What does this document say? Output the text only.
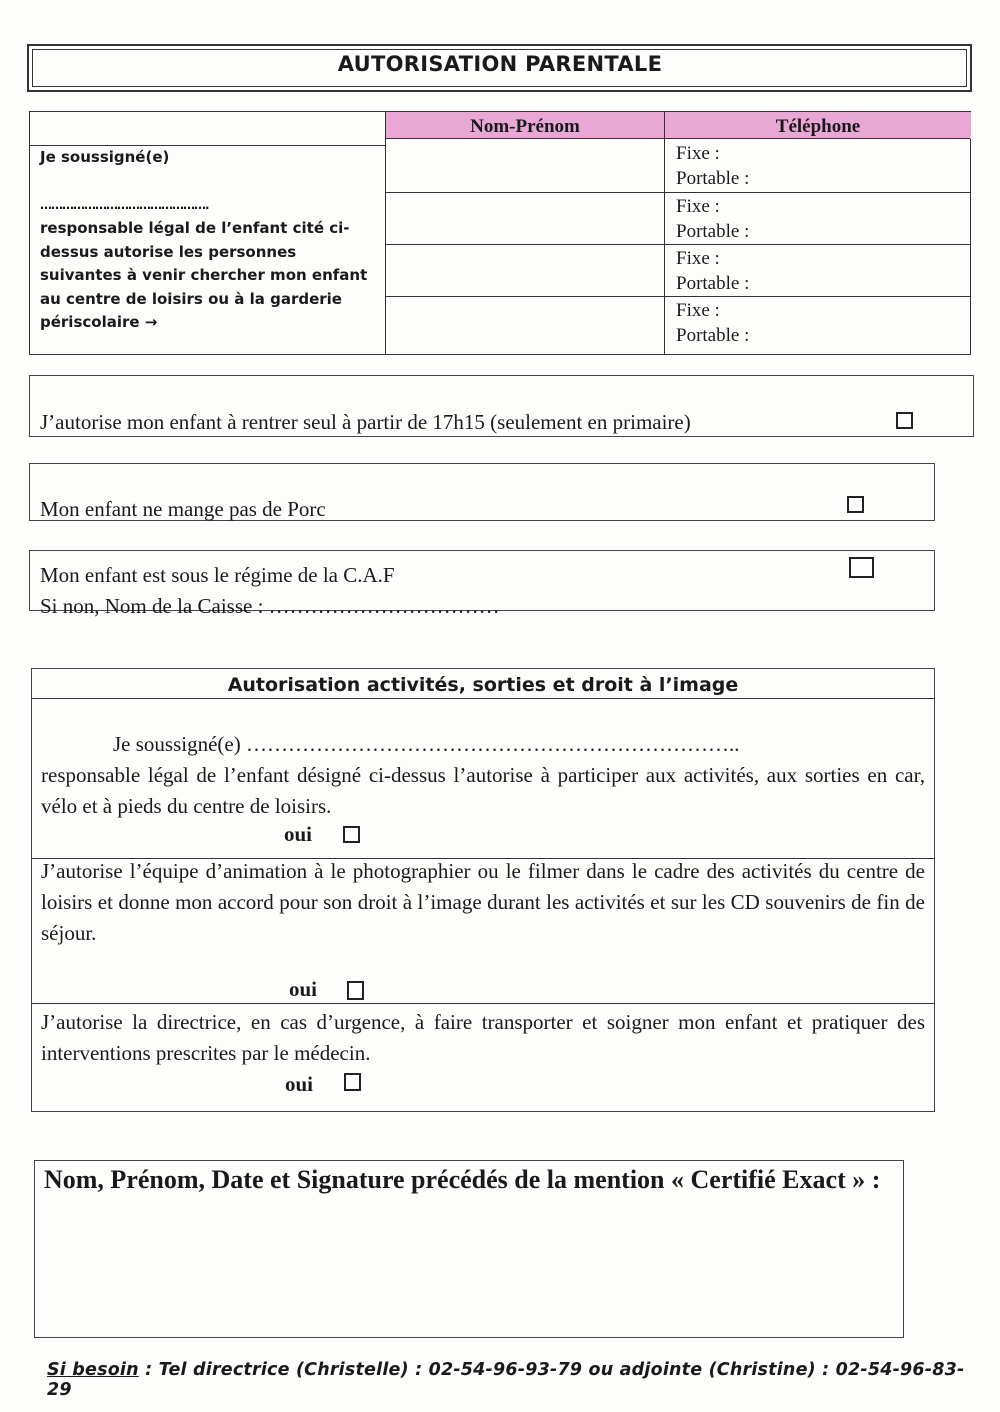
AUTORISATION PARENTALE
Nom-Prénom	Téléphone
Fixe :
Portable :
Fixe :
Portable :
Fixe :
Portable :
Fixe :
Portable :
Je soussigné(e)
……………………………………….
responsable légal de l’enfant cité ci-dessus autorise les personnes suivantes à venir chercher mon enfant au centre de loisirs ou à la garderie périscolaire →
J’autorise mon enfant à rentrer seul à partir de 17h15 (seulement en primaire)
Mon enfant ne mange pas de Porc
Mon enfant est sous le régime de la C.A.F
Si non, Nom de la Caisse : ……………………………
Autorisation activités, sorties et droit à l’image
Je soussigné(e) ……………………………………………………………..
responsable légal de l’enfant désigné ci-dessus l’autorise à participer aux activités, aux sorties en car, vélo et à pieds du centre de loisirs.
oui
J’autorise l’équipe d’animation à le photographier ou le filmer dans le cadre des activités du centre de loisirs et donne mon accord pour son droit à l’image durant les activités et sur les CD souvenirs de fin de séjour.
oui
J’autorise la directrice, en cas d’urgence, à faire transporter et soigner mon enfant et pratiquer des interventions prescrites par le médecin.
oui
Nom, Prénom, Date et Signature précédés de la mention « Certifié Exact » :
Si besoin : Tel directrice (Christelle) : 02-54-96-93-79 ou adjointe (Christine) : 02-54-96-83-29
